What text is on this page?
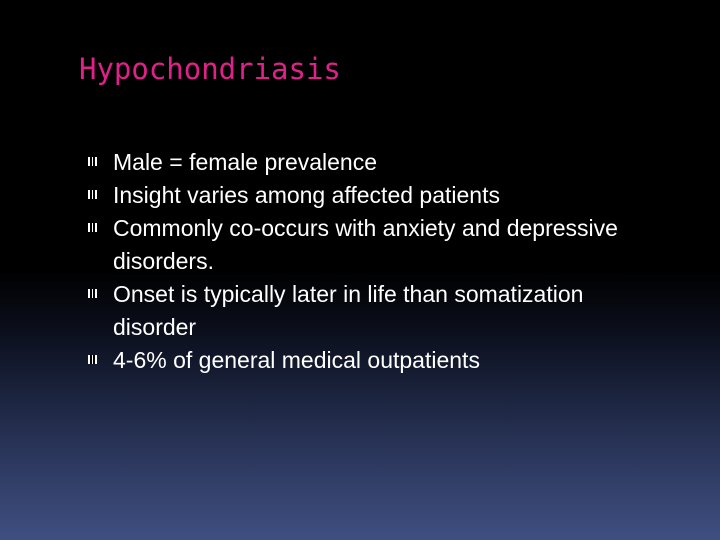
Hypochondriasis
Male = female prevalence
Insight varies among affected patients
Commonly co-occurs with anxiety and depressive disorders.
Onset is typically later in life than somatization disorder
4-6% of general medical outpatients
